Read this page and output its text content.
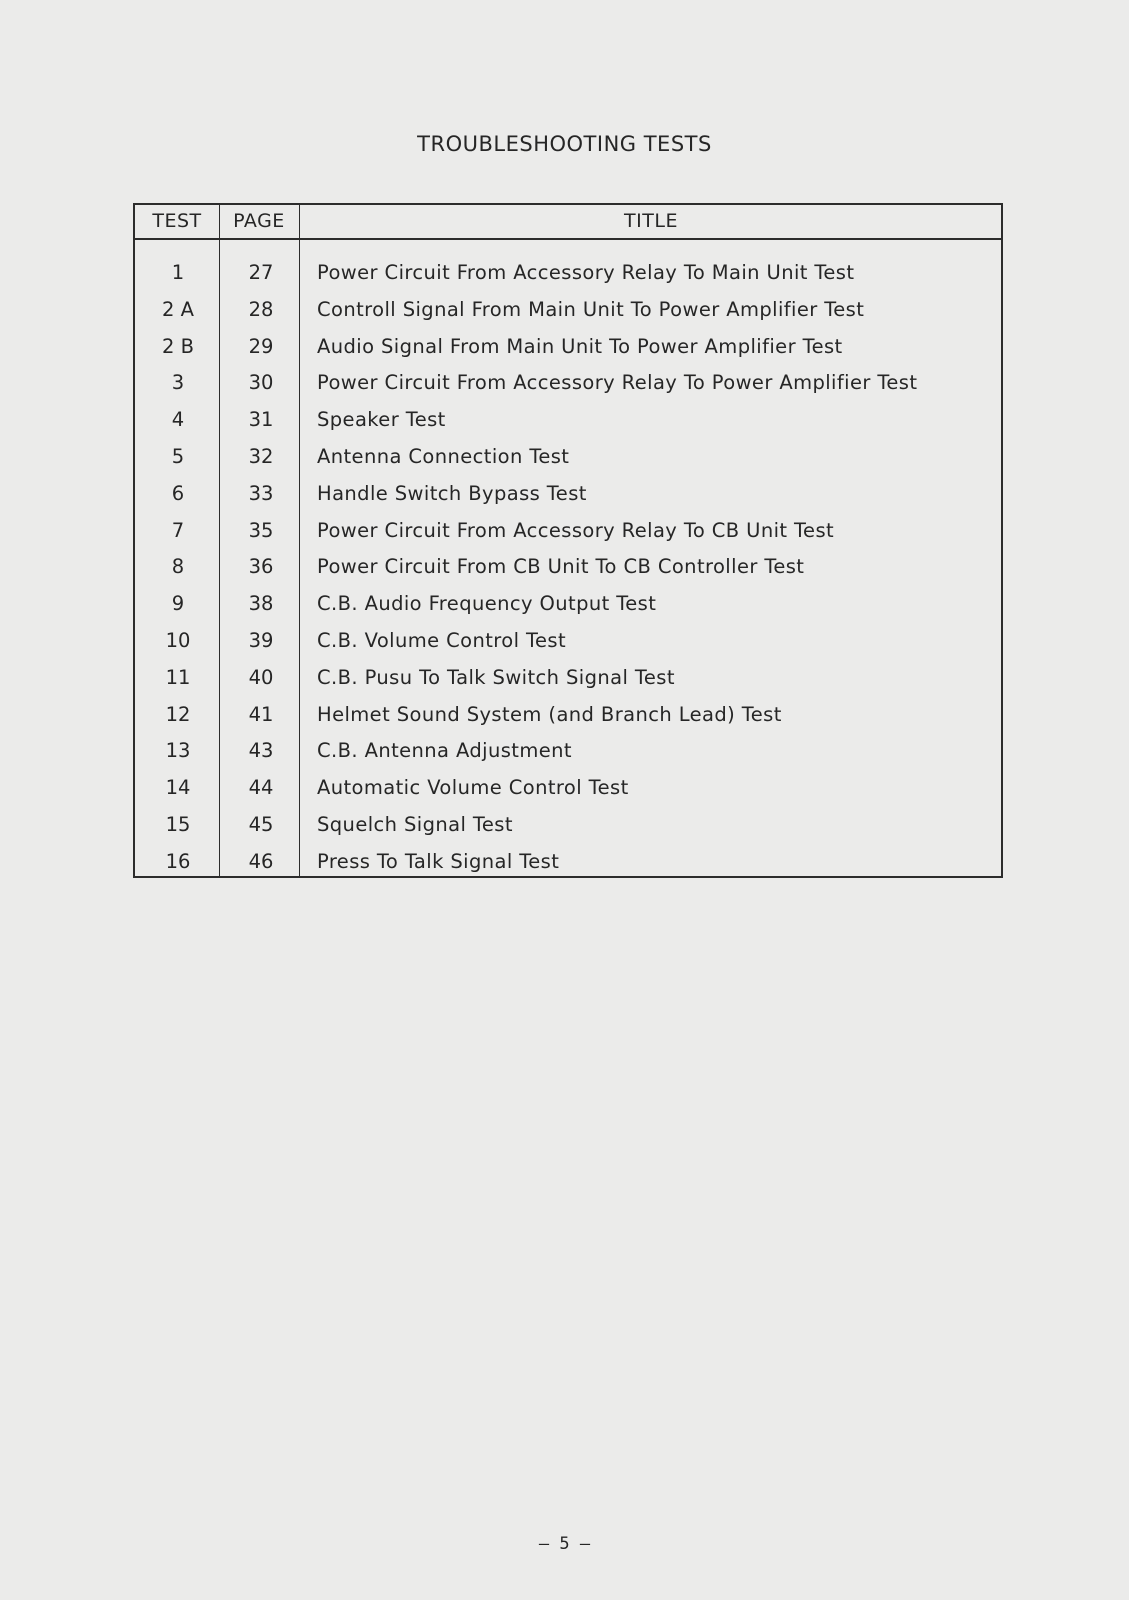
TROUBLESHOOTING TESTS
TEST	PAGE	TITLE
1	27	Power Circuit From Accessory Relay To Main Unit Test
2 A	28	Controll Signal From Main Unit To Power Amplifier Test
2 B	29	Audio Signal From Main Unit To Power Amplifier Test
3	30	Power Circuit From Accessory Relay To Power Amplifier Test
4	31	Speaker Test
5	32	Antenna Connection Test
6	33	Handle Switch Bypass Test
7	35	Power Circuit From Accessory Relay To CB Unit Test
8	36	Power Circuit From CB Unit To CB Controller Test
9	38	C.B. Audio Frequency Output Test
10	39	C.B. Volume Control Test
11	40	C.B. Pusu To Talk Switch Signal Test
12	41	Helmet Sound System (and Branch Lead) Test
13	43	C.B. Antenna Adjustment
14	44	Automatic Volume Control Test
15	45	Squelch Signal Test
16	46	Press To Talk Signal Test
– 5 –
